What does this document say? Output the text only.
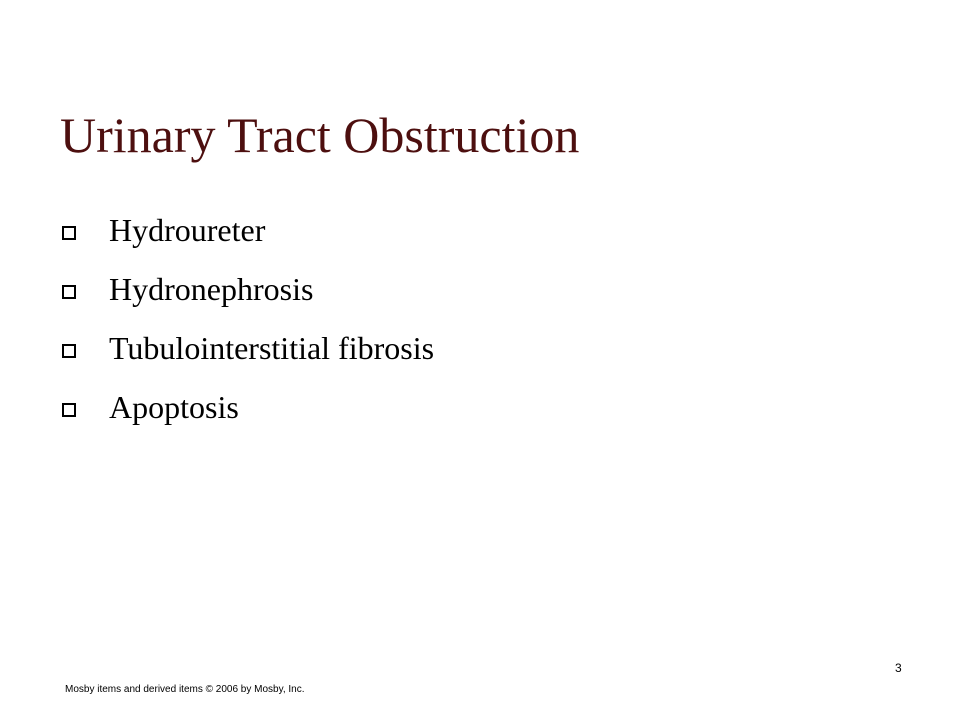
Urinary Tract Obstruction
Hydroureter
Hydronephrosis
Tubulointerstitial fibrosis
Apoptosis
3
Mosby items and derived items © 2006 by Mosby, Inc.
